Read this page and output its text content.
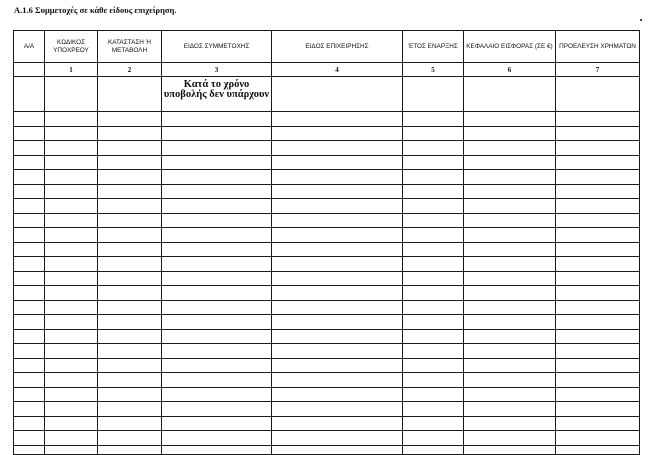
Α.1.6 Συμμετοχές σε κάθε είδους επιχείρηση.
Α/Α	ΚΩΔΙΚΟΣ ΥΠΟΧΡΕΟΥ	ΚΑΤΑΣΤΑΣΗ Ή ΜΕΤΑΒΟΛΗ	ΕΙΔΟΣ ΣΥΜΜΕΤΟΧΗΣ	ΕΙΔΟΣ ΕΠΙΧΕΙΡΗΣΗΣ	ΈΤΟΣ ΕΝΑΡΞΗΣ	ΚΕΦΑΛΑΙΟ ΕΙΣΦΟΡΑΣ (ΣΕ €)	ΠΡΟΕΛΕΥΣΗ ΧΡΗΜΑΤΩΝ
	1	2	3	4	5	6	7

			Κατά το χρόνο υποβολής δεν υπάρχουν				
